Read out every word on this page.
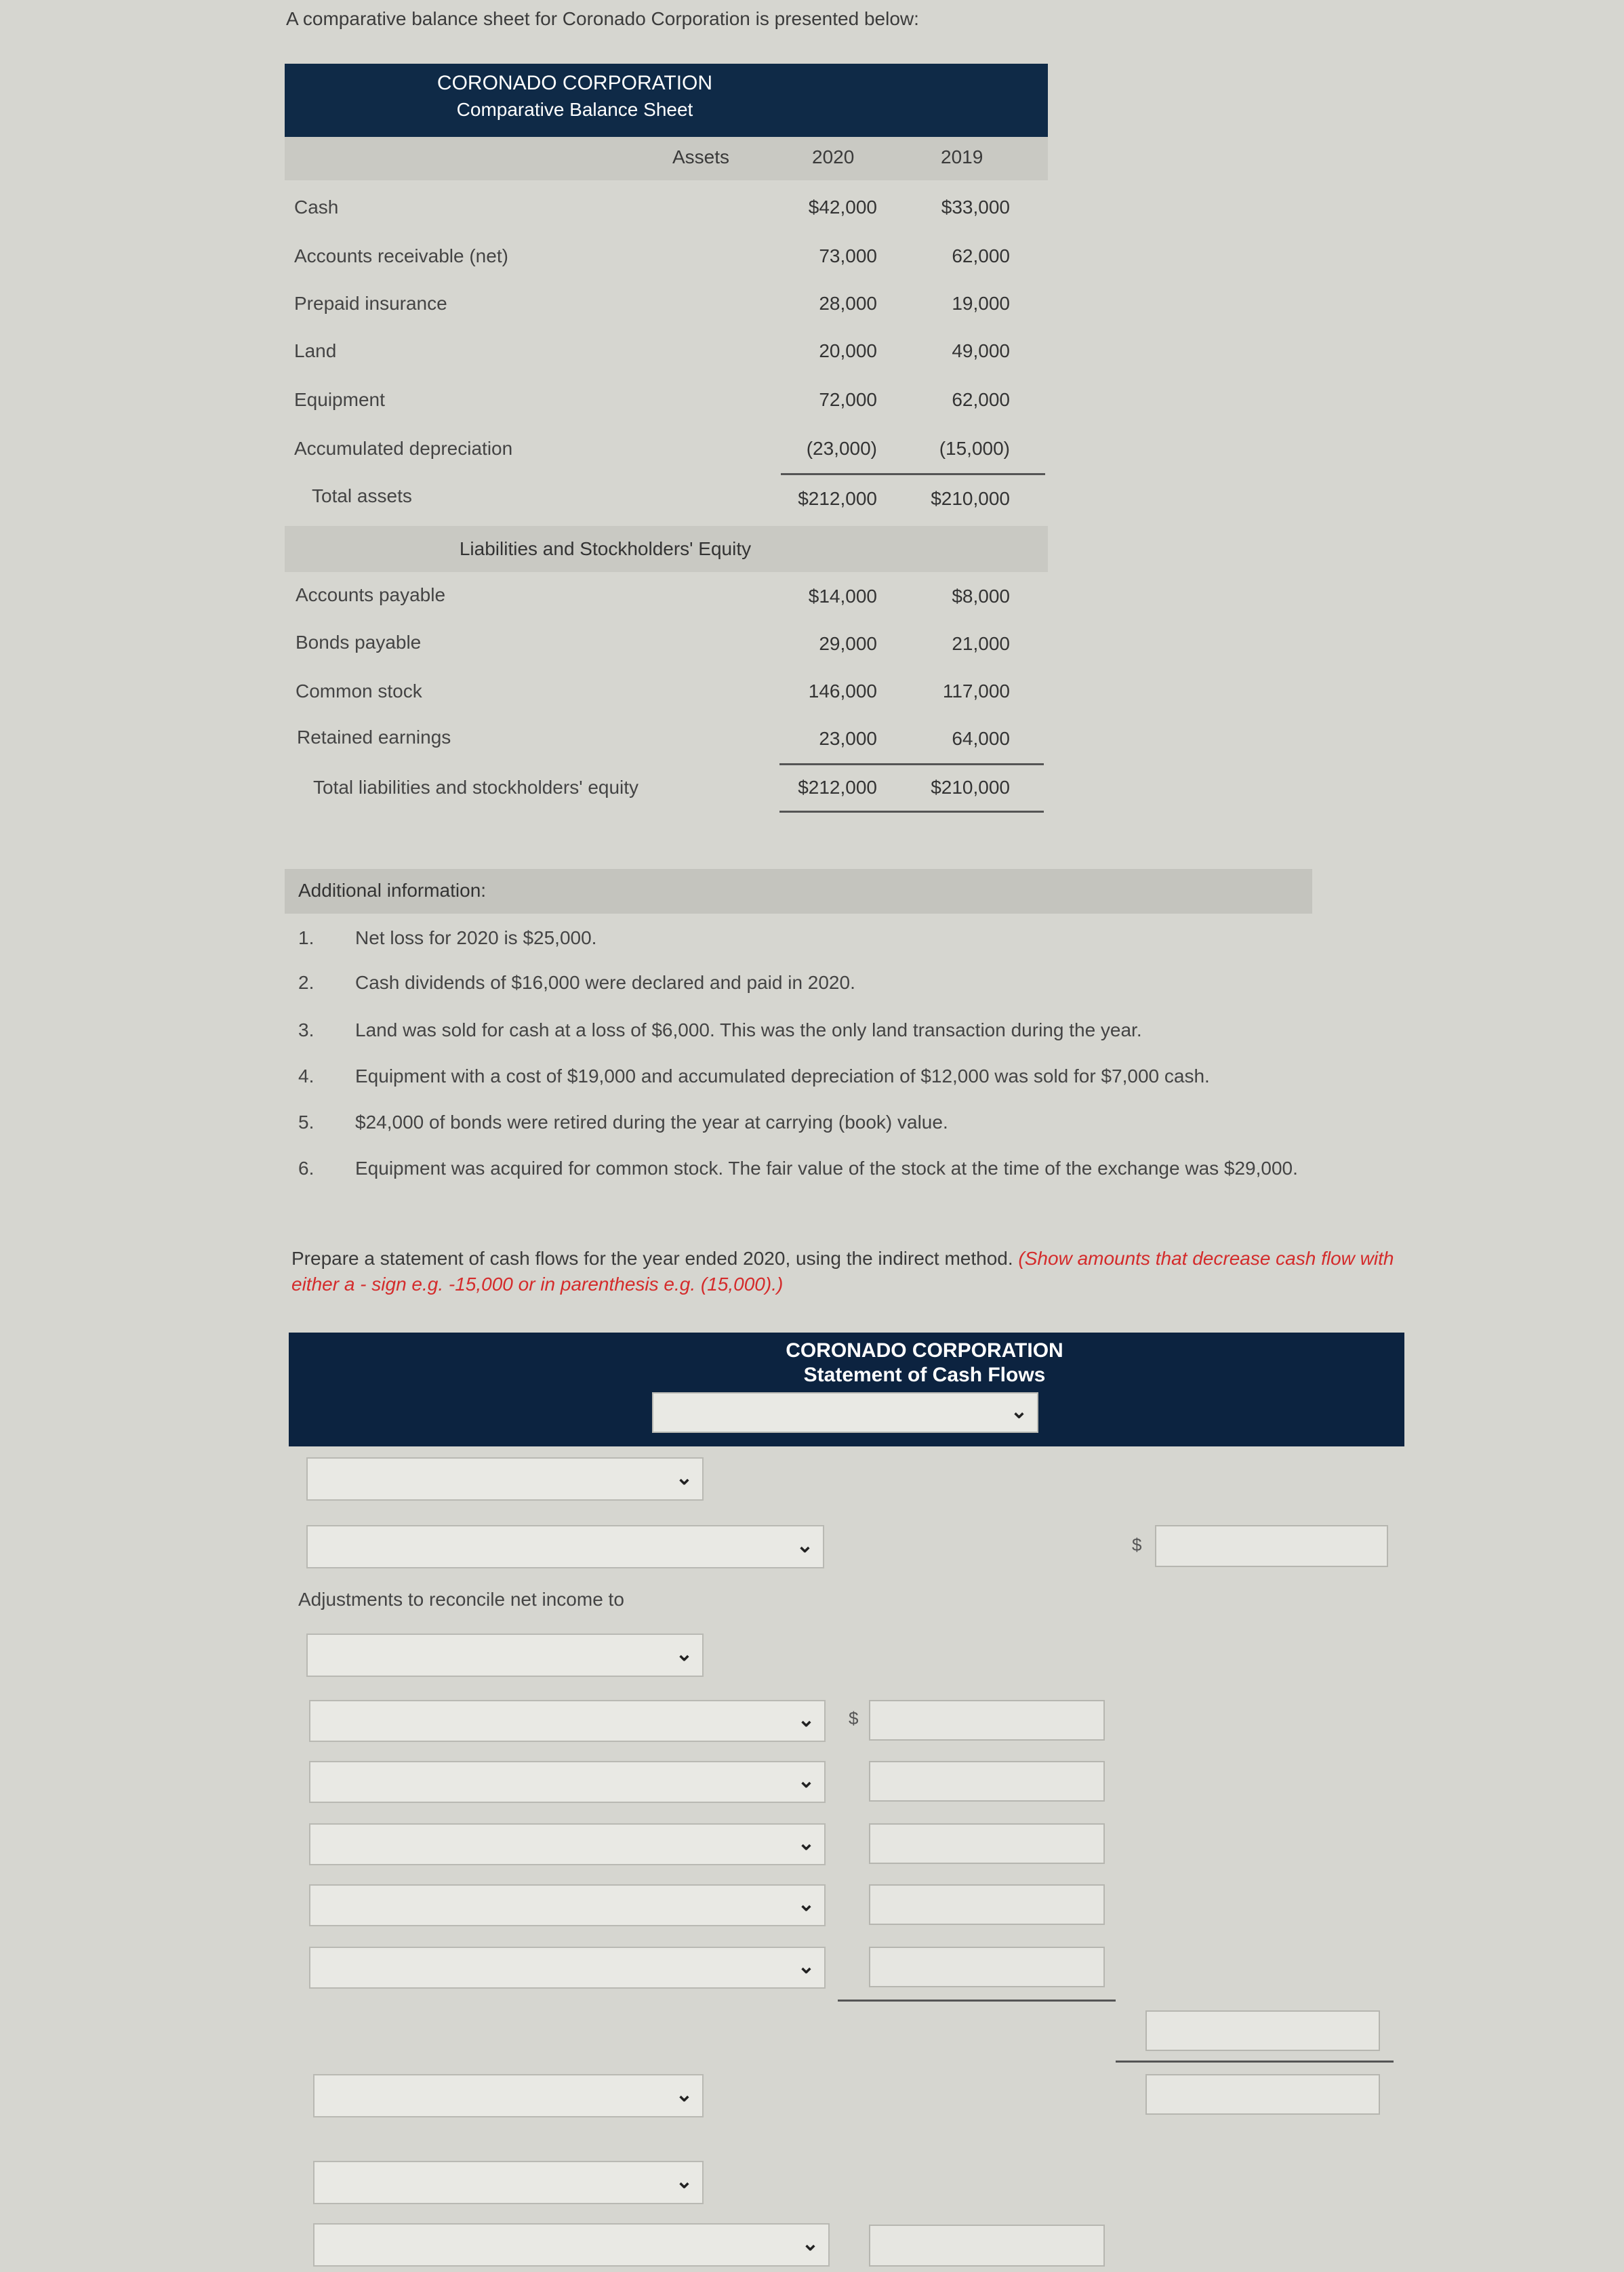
A comparative balance sheet for Coronado Corporation is presented below:
CORONADO CORPORATION
Comparative Balance Sheet
Assets	2020	2019
Cash	$42,000	$33,000
Accounts receivable (net)	73,000	62,000
Prepaid insurance	28,000	19,000
Land	20,000	49,000
Equipment	72,000	62,000
Accumulated depreciation	(23,000)	(15,000)
Total assets	$212,000	$210,000
Liabilities and Stockholders' Equity
Accounts payable	$14,000	$8,000
Bonds payable	29,000	21,000
Common stock	146,000	117,000
Retained earnings	23,000	64,000
Total liabilities and stockholders' equity	$212,000	$210,000
Additional information:
1. Net loss for 2020 is $25,000.
2. Cash dividends of $16,000 were declared and paid in 2020.
3. Land was sold for cash at a loss of $6,000. This was the only land transaction during the year.
4. Equipment with a cost of $19,000 and accumulated depreciation of $12,000 was sold for $7,000 cash.
5. $24,000 of bonds were retired during the year at carrying (book) value.
6. Equipment was acquired for common stock. The fair value of the stock at the time of the exchange was $29,000.
Prepare a statement of cash flows for the year ended 2020, using the indirect method. (Show amounts that decrease cash flow with either a - sign e.g. -15,000 or in parenthesis e.g. (15,000).)
CORONADO CORPORATION
Statement of Cash Flows
⌄
⌄
⌄	$
Adjustments to reconcile net income to
⌄
⌄ $
⌄
⌄
⌄
⌄
⌄
⌄
⌄
